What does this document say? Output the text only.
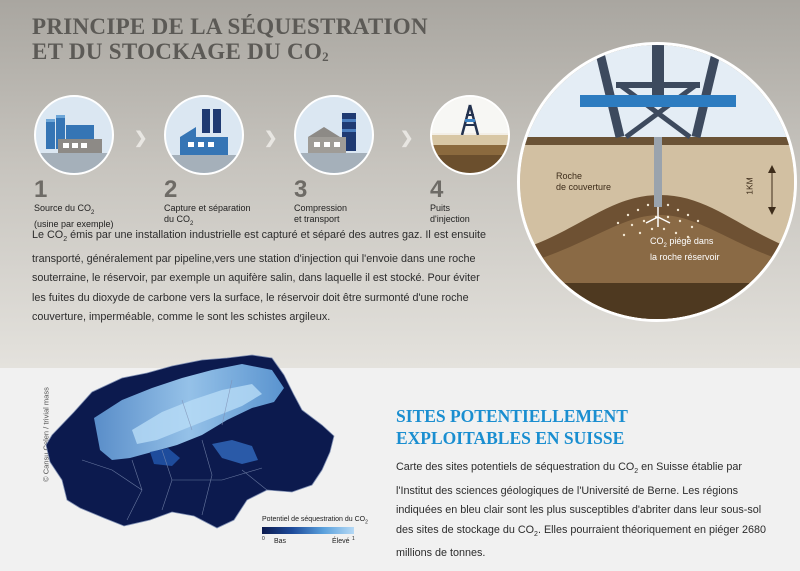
PRINCIPE DE LA SÉQUESTRATION
ET DU STOCKAGE DU $CO_2$
1
Source du $CO_2$
(usine par exemple)
❯
2
Capture et séparation
du $CO_2$
❯
3
Compression
et transport
❯
4
Puits
d'injection

Le $CO_2$ émis par une installation industrielle est capturé et séparé des autres gaz. Il est ensuite transporté, généralement par pipeline,vers une station d'injection qui l'envoie dans une roche souterraine, le réservoir, par exemple un aquifère salin, dans laquelle il est stocké. Pour éviter les fuites du dioxyde de carbone vers la surface, le réservoir doit être surmonté d'une roche couverture, imperméable, comme le sont les schistes argileux.

Roche
de couverture	1KM
$CO_2$ piégé dans
la roche réservoir
© Cansu Celen / trivial mass
Potentiel de séquestration du $CO_2$
0	1
Bas	Élevé
SITES POTENTIELLEMENT
EXPLOITABLES EN SUISSE

Carte des sites potentiels de séquestration du $CO_2$ en Suisse établie par l'Institut des sciences géologiques de l'Université de Berne. Les régions indiquées en bleu clair sont les plus susceptibles d'abriter dans leur sous-sol des sites de stockage du $CO_2$. Elles pourraient théoriquement en piéger 2680 millions de tonnes.
